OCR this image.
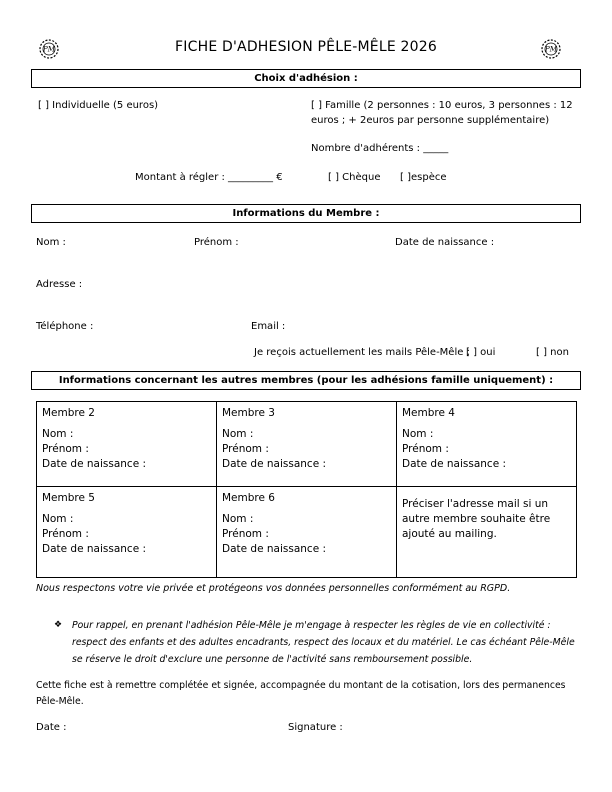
PM	PM
FICHE D'ADHESION PÊLE-MÊLE 2026
Choix d'adhésion :
[ ] Individuelle (5 euros)	[ ] Famille (2 personnes : 10 euros, 3 personnes : 12
euros ; + 2euros par personne supplémentaire)
Nombre d'adhérents : _____
Montant à régler : _________ €	[ ] Chèque [ ]espèce
Informations du Membre :
Nom :	Prénom :	Date de naissance :
Adresse :
Téléphone :	Email :
Je reçois actuellement les mails Pêle-Mêle ;
[ ] oui	[ ] non
Informations concernant les autres membres (pour les adhésions famille uniquement) :
Membre 2
Nom :
Prénom :
Date de naissance :	Membre 3
Nom :
Prénom :
Date de naissance :	Membre 4
Nom :
Prénom :
Date de naissance :

Membre 5
Nom :
Prénom :
Date de naissance :	Membre 6
Nom :
Prénom :
Date de naissance :	Préciser l'adresse mail si un autre membre souhaite être ajouté au mailing.
Nous respectons votre vie privée et protégeons vos données personnelles conformément au RGPD.
❖ Pour rappel, en prenant l'adhésion Pêle-Mêle je m'engage à respecter les règles de vie en collectivité :
respect des enfants et des adultes encadrants, respect des locaux et du matériel. Le cas échéant Pêle-Mêle
se réserve le droit d'exclure une personne de l'activité sans remboursement possible.
Cette fiche est à remettre complétée et signée, accompagnée du montant de la cotisation, lors des permanences
Pêle-Mêle.
Date :	Signature :
